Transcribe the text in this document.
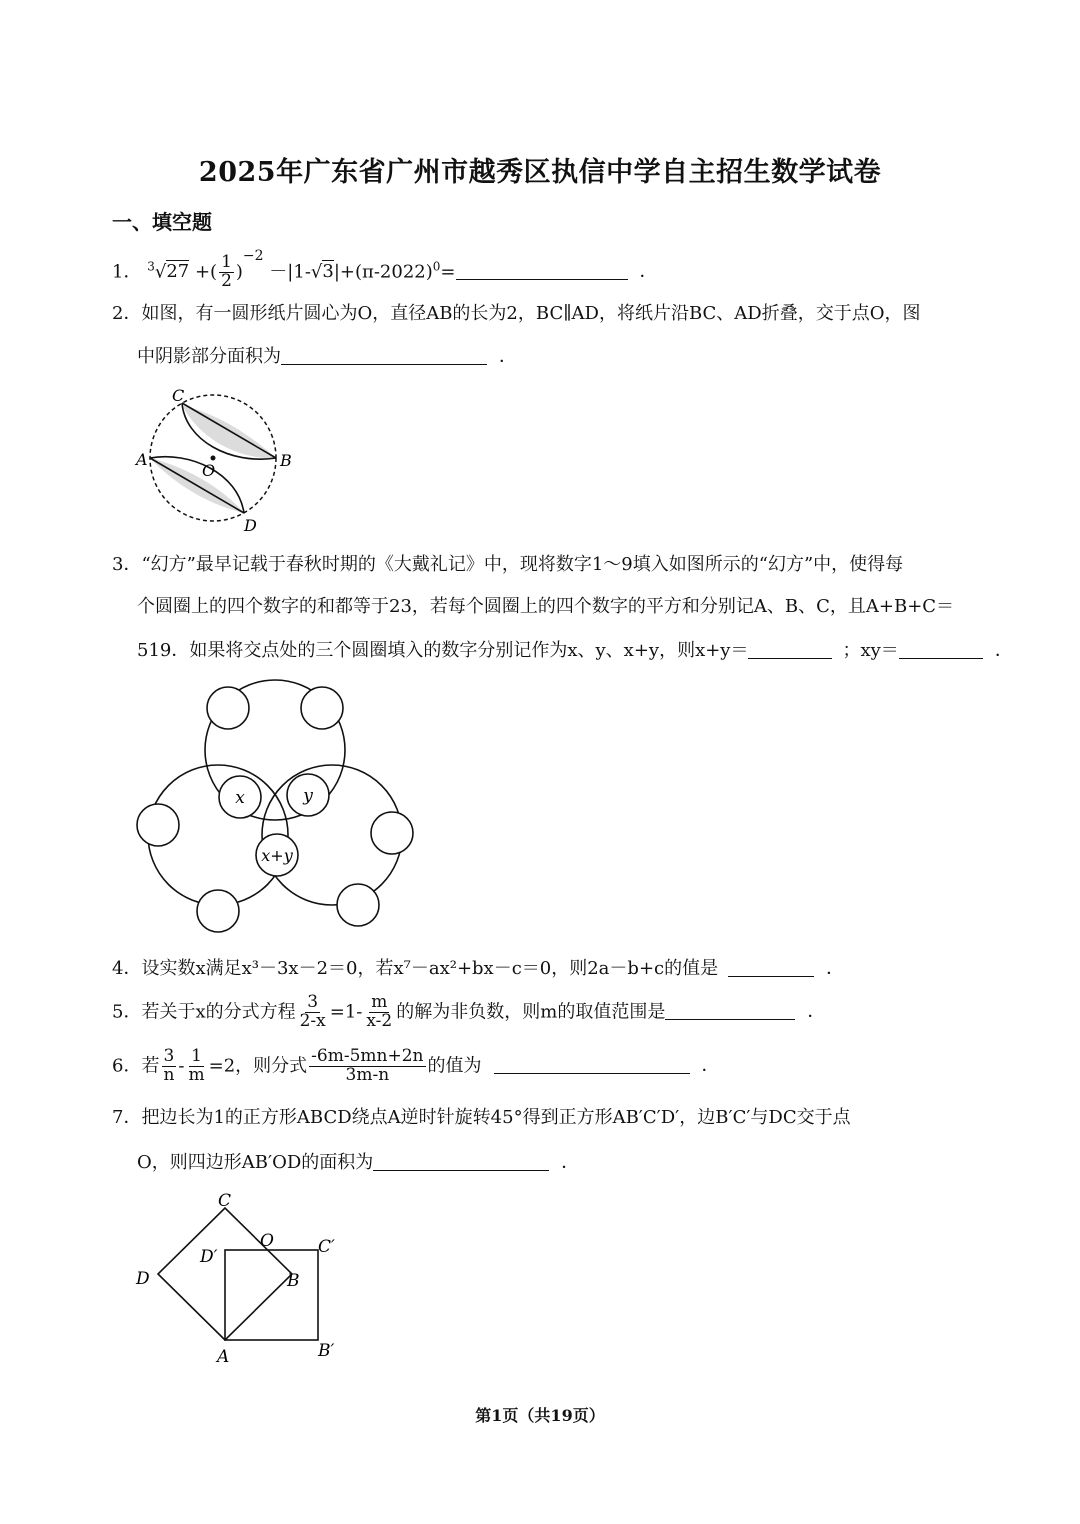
2025年广东省广州市越秀区执信中学自主招生数学试卷
一、填空题
1． $^3$√27 +( $\frac{1}{2} )^{-2} -|1-√3|+(\pi-2022)^0=$	．
2．如图，有一圆形纸片圆心为O，直径AB的长为2，BC∥AD，将纸片沿BC、AD折叠，交于点O，图
中阴影部分面积为	．
C
A
O
B
D
3．“幻方”最早记载于春秋时期的《大戴礼记》中，现将数字1～9填入如图所示的“幻方”中，使得每
个圆圈上的四个数字的和都等于23，若每个圆圈上的四个数字的平方和分别记A、B、C，且A+B+C＝
519．如果将交点处的三个圆圈填入的数字分别记作为x、y、x+y，则x+y＝	；xy＝	．
x	y
x+y
4．设实数x满足x³－3x－2＝0，若x⁷－ax²+bx－c＝0，则2a－b+c的值是	．
5．若关于x的分式方程 $\frac{3}{2-x} =1- \frac{m}{x-2}$ 的解为非负数，则m的取值范围是	．
6．若 $\frac{3}{n} - \frac{1}{m} =2$，则分式 $\frac{-6m-5mn+2n}{3m-n}$ 的值为	．
7．把边长为1的正方形ABCD绕点A逆时针旋转45°得到正方形AB′C′D′，边B′C′与DC交于点
O，则四边形AB′OD的面积为	．
C
D
D′
O	C′
B
A	B′
第1页（共19页）
